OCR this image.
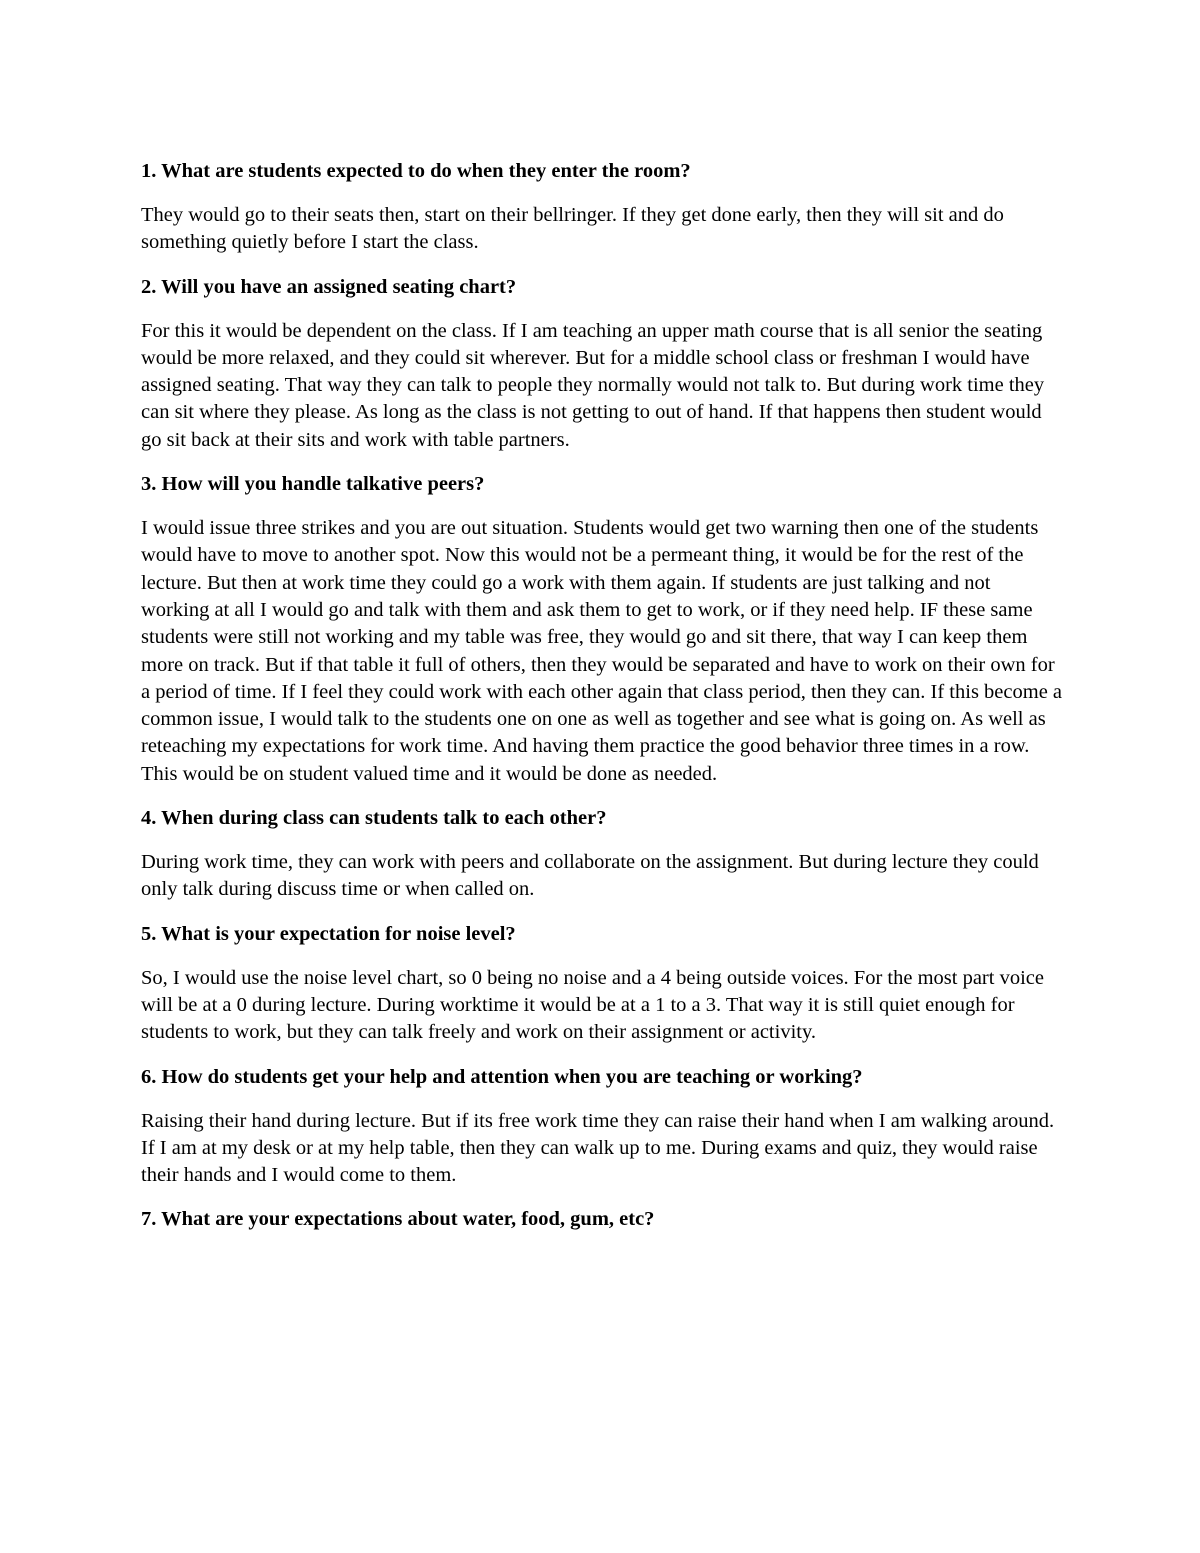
1. What are students expected to do when they enter the room?

They would go to their seats then, start on their bellringer. If they get done early, then they will sit and do something quietly before I start the class.

2. Will you have an assigned seating chart?

For this it would be dependent on the class. If I am teaching an upper math course that is all senior the seating would be more relaxed, and they could sit wherever. But for a middle school class or freshman I would have assigned seating. That way they can talk to people they normally would not talk to. But during work time they can sit where they please. As long as the class is not getting to out of hand. If that happens then student would go sit back at their sits and work with table partners.

3. How will you handle talkative peers?

I would issue three strikes and you are out situation. Students would get two warning then one of the students would have to move to another spot. Now this would not be a permeant thing, it would be for the rest of the lecture. But then at work time they could go a work with them again. If students are just talking and not working at all I would go and talk with them and ask them to get to work, or if they need help. IF these same students were still not working and my table was free, they would go and sit there, that way I can keep them more on track. But if that table it full of others, then they would be separated and have to work on their own for a period of time. If I feel they could work with each other again that class period, then they can. If this become a common issue, I would talk to the students one on one as well as together and see what is going on. As well as reteaching my expectations for work time. And having them practice the good behavior three times in a row. This would be on student valued time and it would be done as needed.

4. When during class can students talk to each other?

During work time, they can work with peers and collaborate on the assignment. But during lecture they could only talk during discuss time or when called on.

5. What is your expectation for noise level?

So, I would use the noise level chart, so 0 being no noise and a 4 being outside voices. For the most part voice will be at a 0 during lecture. During worktime it would be at a 1 to a 3. That way it is still quiet enough for students to work, but they can talk freely and work on their assignment or activity.

6. How do students get your help and attention when you are teaching or working?

Raising their hand during lecture. But if its free work time they can raise their hand when I am walking around. If I am at my desk or at my help table, then they can walk up to me. During exams and quiz, they would raise their hands and I would come to them.

7. What are your expectations about water, food, gum, etc?
